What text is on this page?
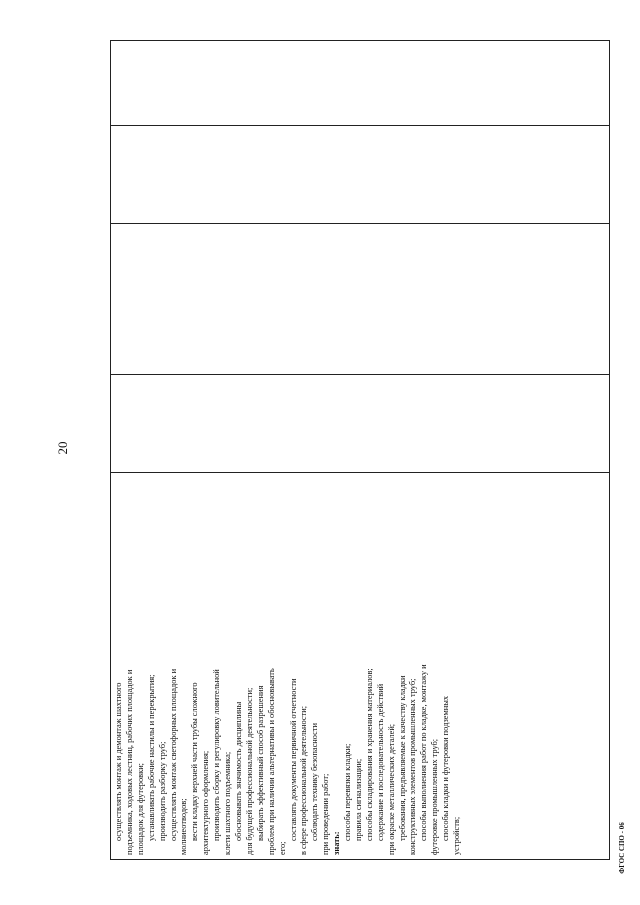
20
осуществлять монтаж и демонтаж шахтного подъемника, ходовых лестниц, рабочих площадок и площадок для футеровки; устанавливать рабочие настилы и перекрытия; производить разборку труб; осуществлять монтаж светофорных площадок и молниеотводов; вести кладку верхней части трубы сложного архитектурного оформления; производить сборку и регулировку ловительной клети шахтного подъемника; обосновывать значимость дисциплины для будущей профессиональной деятельности; выбирать эффективный способ разрешения проблем при наличии альтернативы и обосновывать его;
составлять документы первичной отчетности в сфере профессиональной деятельности; соблюдать технику безопасности при проведении работ; знать:
способы перевязки кладки; правила сигнализации; способы складирования и хранения материалов; содержание и последовательность действий при окраске металлических деталей; требования, предъявляемые к качеству кладки конструктивных элементов промышленных труб; способы выполнения работ по кладке, монтажу и футеровке промышленных труб; способы кладки и футеровки подземных устройств;
					ФГОС СПО - 06
